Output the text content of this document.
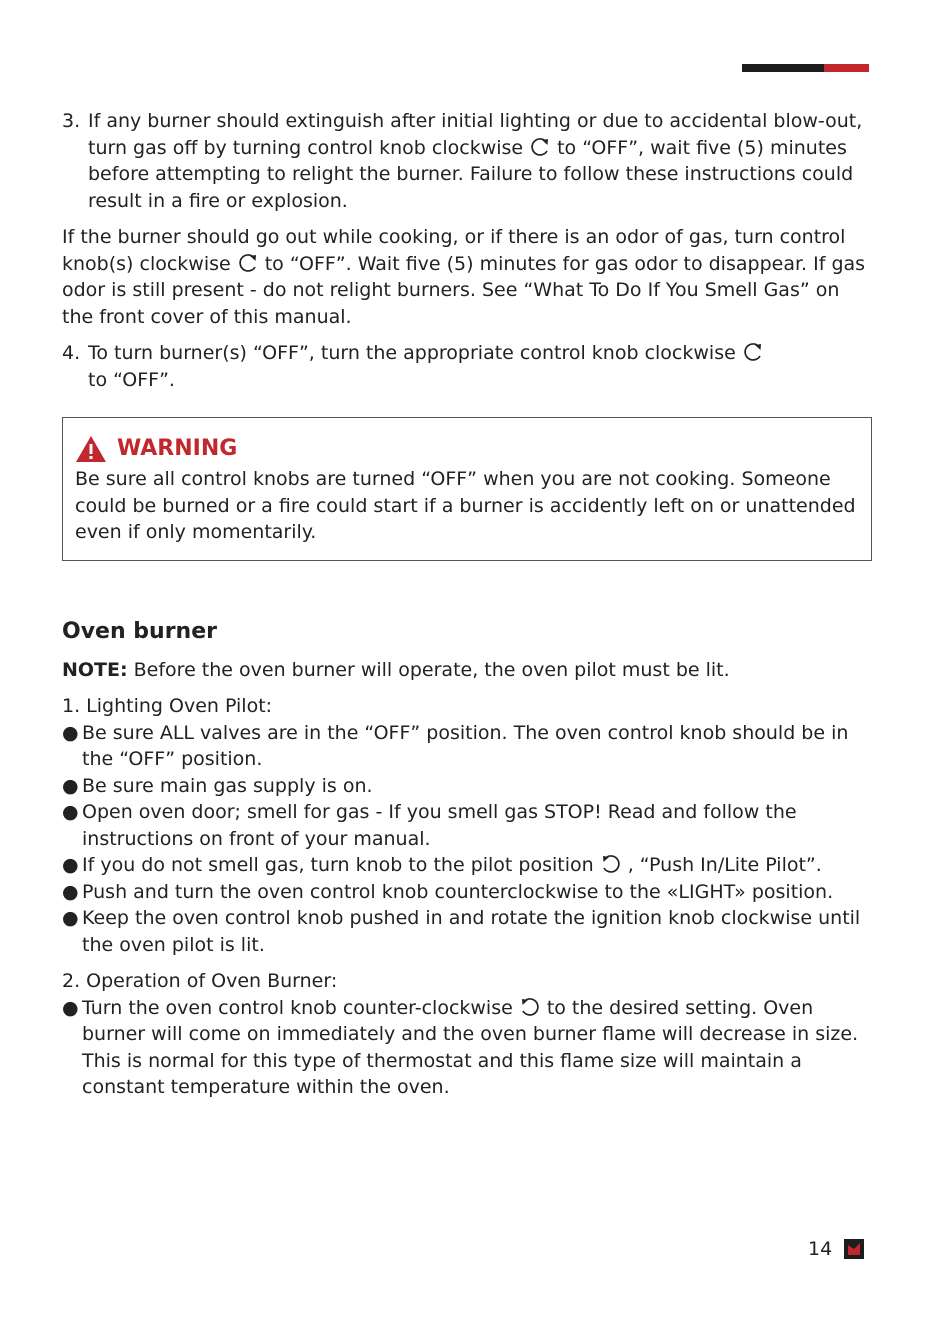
3. If any burner should extinguish after initial lighting or due to accidental blow-out, turn gas off by turning control knob clockwise to “OFF”, wait five (5) minutes before attempting to relight the burner. Failure to follow these instructions could result in a fire or explosion.

If the burner should go out while cooking, or if there is an odor of gas, turn control knob(s) clockwise to “OFF”. Wait five (5) minutes for gas odor to disappear. If gas odor is still present - do not relight burners. See “What To Do If You Smell Gas” on the front cover of this manual.

4. To turn burner(s) “OFF”, turn the appropriate control knob clockwise

to “OFF”.

WARNING

Be sure all control knobs are turned “OFF” when you are not cooking. Someone could be burned or a fire could start if a burner is accidently left on or unattended even if only momentarily.

Oven burner

NOTE: Before the oven burner will operate, the oven pilot must be lit.

1. Lighting Oven Pilot:

● Be sure ALL valves are in the “OFF” position. The oven control knob should be in the “OFF” position.
● Be sure main gas supply is on.
● Open oven door; smell for gas - If you smell gas STOP! Read and follow the instructions on front of your manual.
● If you do not smell gas, turn knob to the pilot position , “Push In/Lite Pilot”.
● Push and turn the oven control knob counterclockwise to the «LIGHT» position.
● Keep the oven control knob pushed in and rotate the ignition knob clockwise until the oven pilot is lit.

2. Operation of Oven Burner:

● Turn the oven control knob counter-clockwise to the desired setting. Oven burner will come on immediately and the oven burner flame will decrease in size. This is normal for this type of thermostat and this flame size will maintain a constant temperature within the oven.
14
